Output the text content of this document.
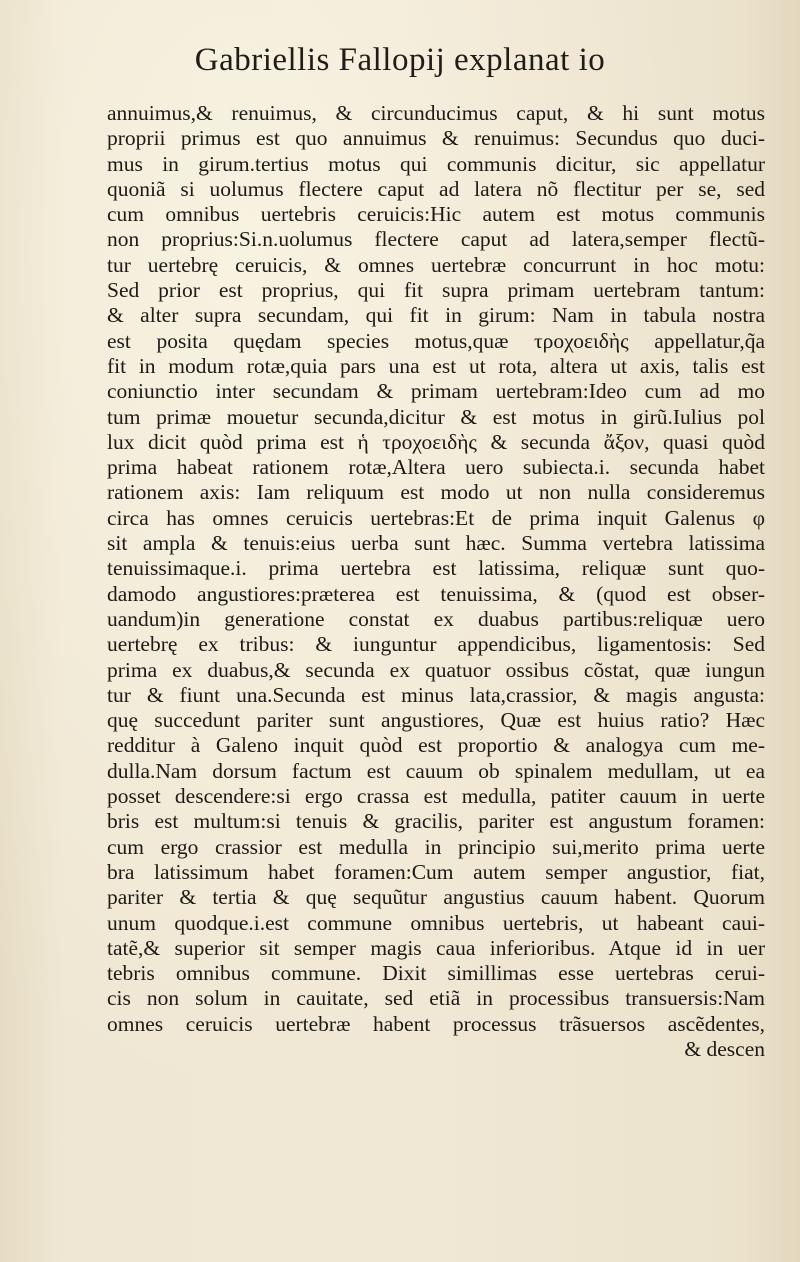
Gabriellis Fallopij explanat io
annuimus,& renuimus, & circunducimus caput, & hi sunt motus
proprii primus est quo annuimus & renuimus: Secundus quo duci-
mus in girum.tertius motus qui communis dicitur, sic appellatur
quoniã si uolumus flectere caput ad latera nõ flectitur per se, sed
cum omnibus uertebris ceruicis:Hic autem est motus communis
non proprius:Si.n.uolumus flectere caput ad latera,semper flectũ-
tur uertebrę ceruicis, & omnes uertebræ concurrunt in hoc motu:
Sed prior est proprius, qui fit supra primam uertebram tantum:
& alter supra secundam, qui fit in girum: Nam in tabula nostra
est posita quędam species motus,quæ τροχοειδὴς appellatur,q̃a
fit in modum rotæ,quia pars una est ut rota, altera ut axis, talis est
coniunctio inter secundam & primam uertebram:Ideo cum ad mo
tum primæ mouetur secunda,dicitur & est motus in girũ.Iulius pol
lux dicit quòd prima est ἡ τροχοειδὴς & secunda ἄξον, quasi quòd
prima habeat rationem rotæ,Altera uero subiecta.i. secunda habet
rationem axis: Iam reliquum est modo ut non nulla consideremus
circa has omnes ceruicis uertebras:Et de prima inquit Galenus φ
sit ampla & tenuis:eius uerba sunt hæc. Summa vertebra latissima
tenuissimaque.i. prima uertebra est latissima, reliquæ sunt quo-
damodo angustiores:præterea est tenuissima, & (quod est obser-
uandum)in generatione constat ex duabus partibus:reliquæ uero
uertebrę ex tribus: & iunguntur appendicibus, ligamentosis: Sed
prima ex duabus,& secunda ex quatuor ossibus cõstat, quæ iungun
tur & fiunt una.Secunda est minus lata,crassior, & magis angusta:
quę succedunt pariter sunt angustiores, Quæ est huius ratio? Hæc
redditur à Galeno inquit quòd est proportio & analogya cum me-
dulla.Nam dorsum factum est cauum ob spinalem medullam, ut ea
posset descendere:si ergo crassa est medulla, patiter cauum in uerte
bris est multum:si tenuis & gracilis, pariter est angustum foramen:
cum ergo crassior est medulla in principio sui,merito prima uerte
bra latissimum habet foramen:Cum autem semper angustior, fiat,
pariter & tertia & quę sequũtur angustius cauum habent. Quorum
unum quodque.i.est commune omnibus uertebris, ut habeant caui-
tatẽ,& superior sit semper magis caua inferioribus. Atque id in uer
tebris omnibus commune. Dixit simillimas esse uertebras cerui-
cis non solum in cauitate, sed etiã in processibus transuersis:Nam
omnes ceruicis uertebræ habent processus trãsuersos ascẽdentes,
& descen
